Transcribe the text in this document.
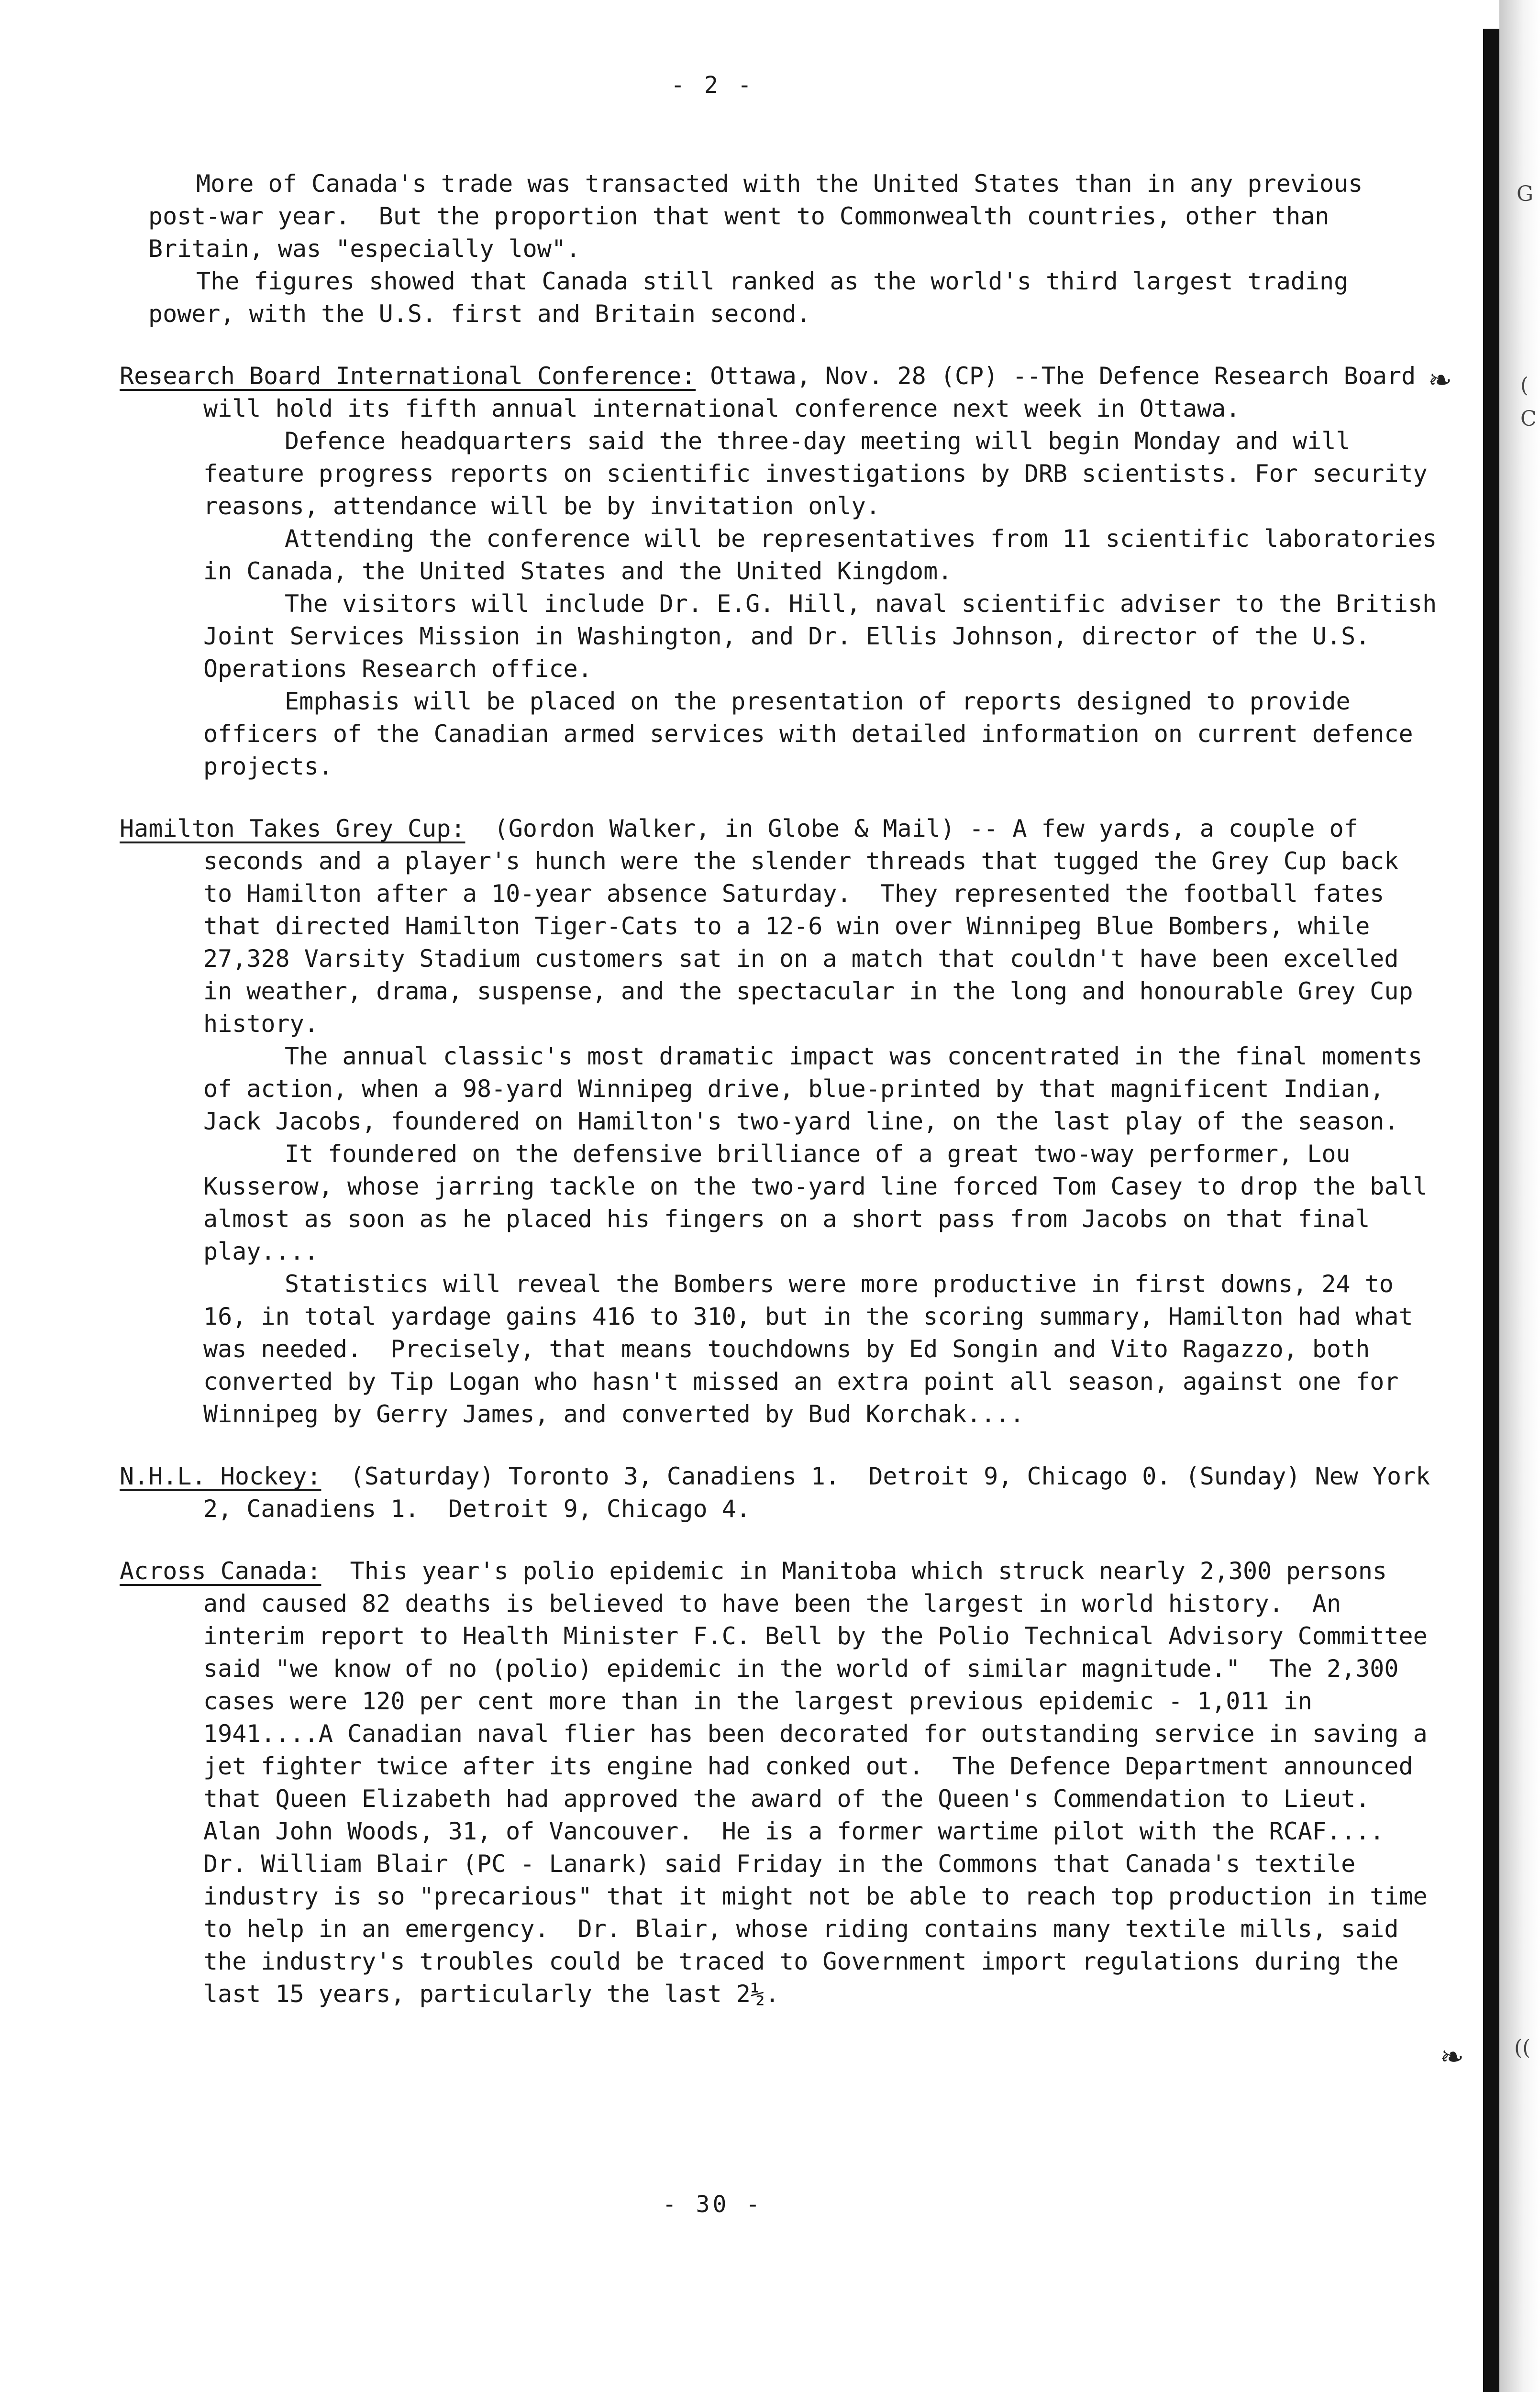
G
(
C
((
❧
❧
- 2 -

More of Canada's trade was transacted with the United States than in any previous post-war year.  But the proportion that went to Commonwealth countries, other than Britain, was "especially low".

The figures showed that Canada still ranked as the world's third largest trading power, with the U.S. first and Britain second.

Research Board International Conference: Ottawa, Nov. 28 (CP) --The Defence Research Board will hold its fifth annual international conference next week in Ottawa.

Defence headquarters said the three-day meeting will begin Monday and will feature progress reports on scientific investigations by DRB scientists. For security reasons, attendance will be by invitation only.

Attending the conference will be representatives from 11 scientific laboratories in Canada, the United States and the United Kingdom.

The visitors will include Dr. E.G. Hill, naval scientific adviser to the British Joint Services Mission in Washington, and Dr. Ellis Johnson, director of the U.S. Operations Research office.

Emphasis will be placed on the presentation of reports designed to provide officers of the Canadian armed services with detailed information on current defence projects.

Hamilton Takes Grey Cup:  (Gordon Walker, in Globe & Mail) -- A few yards, a couple of seconds and a player's hunch were the slender threads that tugged the Grey Cup back to Hamilton after a 10-year absence Saturday.  They represented the football fates that directed Hamilton Tiger-Cats to a 12-6 win over Winnipeg Blue Bombers, while 27,328 Varsity Stadium customers sat in on a match that couldn't have been excelled in weather, drama, suspense, and the spectacular in the long and honourable Grey Cup history.

The annual classic's most dramatic impact was concentrated in the final moments of action, when a 98-yard Winnipeg drive, blue-printed by that magnificent Indian, Jack Jacobs, foundered on Hamilton's two-yard line, on the last play of the season.

It foundered on the defensive brilliance of a great two-way performer, Lou Kusserow, whose jarring tackle on the two-yard line forced Tom Casey to drop the ball almost as soon as he placed his fingers on a short pass from Jacobs on that final play....

Statistics will reveal the Bombers were more productive in first downs, 24 to 16, in total yardage gains 416 to 310, but in the scoring summary, Hamilton had what was needed.  Precisely, that means touchdowns by Ed Songin and Vito Ragazzo, both converted by Tip Logan who hasn't missed an extra point all season, against one for Winnipeg by Gerry James, and converted by Bud Korchak....

N.H.L. Hockey:  (Saturday) Toronto 3, Canadiens 1.  Detroit 9, Chicago 0. (Sunday) New York 2, Canadiens 1.  Detroit 9, Chicago 4.

Across Canada:  This year's polio epidemic in Manitoba which struck nearly 2,300 persons and caused 82 deaths is believed to have been the largest in world history.  An interim report to Health Minister F.C. Bell by the Polio Technical Advisory Committee said "we know of no (polio) epidemic in the world of similar magnitude."  The 2,300 cases were 120 per cent more than in the largest previous epidemic - 1,011 in 1941....A Canadian naval flier has been decorated for outstanding service in saving a jet fighter twice after its engine had conked out.  The Defence Department announced that Queen Elizabeth had approved the award of the Queen's Commendation to Lieut. Alan John Woods, 31, of Vancouver.  He is a former wartime pilot with the RCAF.... Dr. William Blair (PC - Lanark) said Friday in the Commons that Canada's textile industry is so "precarious" that it might not be able to reach top production in time to help in an emergency.  Dr. Blair, whose riding contains many textile mills, said the industry's troubles could be traced to Government import regulations during the last 15 years, particularly the last 2½.

- 30 -
